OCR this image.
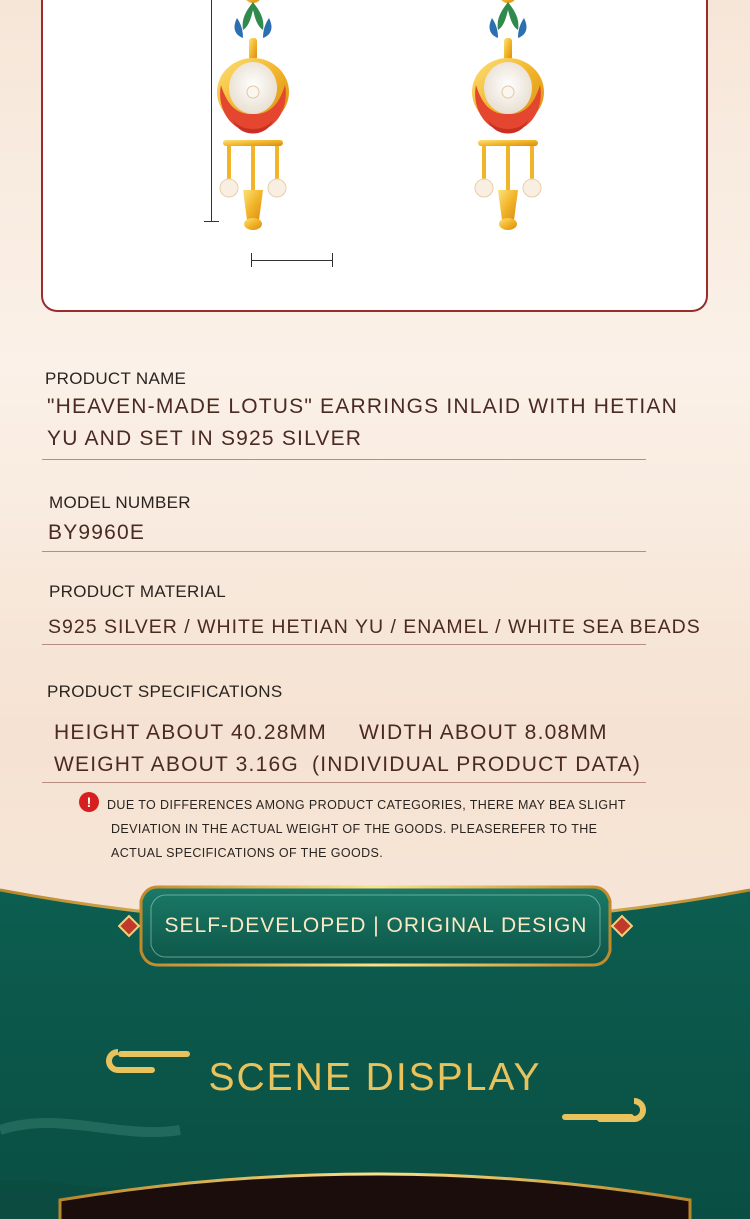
PRODUCT NAME
"HEAVEN-MADE LOTUS" EARRINGS INLAID WITH HETIAN
YU AND SET IN S925 SILVER
MODEL NUMBER
BY9960E
PRODUCT MATERIAL
S925 SILVER / WHITE HETIAN YU / ENAMEL / WHITE SEA BEADS
PRODUCT SPECIFICATIONS
HEIGHT ABOUT 40.28MM WIDTH ABOUT 8.08MM
WEIGHT ABOUT 3.16G (INDIVIDUAL PRODUCT DATA)
!	DUE TO DIFFERENCES AMONG PRODUCT CATEGORIES, THERE MAY BEA SLIGHT
DEVIATION IN THE ACTUAL WEIGHT OF THE GOODS. PLEASEREFER TO THE
ACTUAL SPECIFICATIONS OF THE GOODS.
SELF-DEVELOPED | ORIGINAL DESIGN
SCENE DISPLAY
